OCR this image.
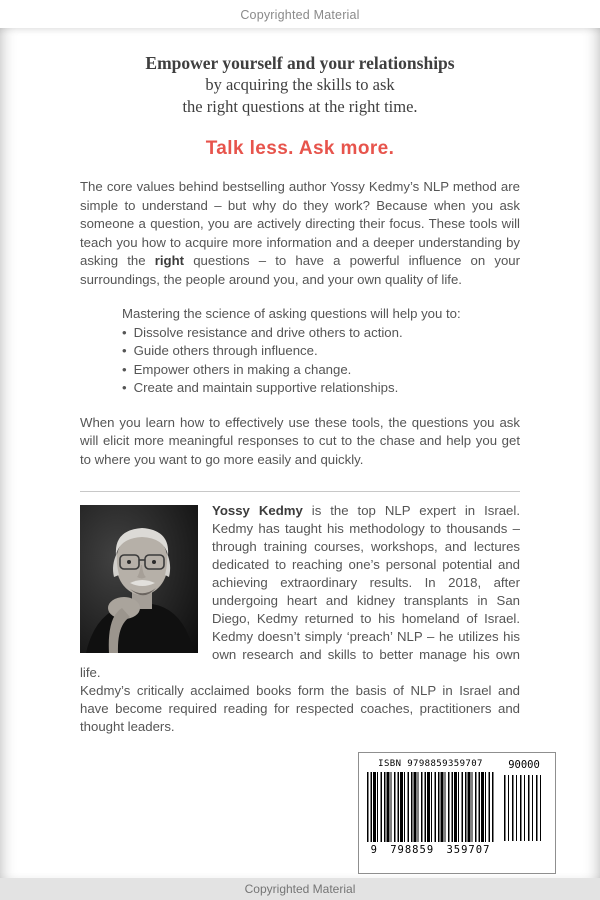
Copyrighted Material
Empower yourself and your relationships
by acquiring the skills to ask
the right questions at the right time.
Talk less. Ask more.

The core values behind bestselling author Yossy Kedmy’s NLP method are simple to understand – but why do they work? Because when you ask someone a question, you are actively directing their focus. These tools will teach you how to acquire more information and a deeper understanding by asking the right questions – to have a powerful influence on your surroundings, the people around you, and your own quality of life.

Mastering the science of asking questions will help you to:
• Dissolve resistance and drive others to action.
• Guide others through influence.
• Empower others in making a change.
• Create and maintain supportive relationships.

When you learn how to effectively use these tools, the questions you ask will elicit more meaningful responses to cut to the chase and help you get to where you want to go more easily and quickly.

Yossy Kedmy is the top NLP expert in Israel. Kedmy has taught his methodology to thousands – through training courses, workshops, and lectures dedicated to reaching one’s personal potential and achieving extraordinary results. In 2018, after undergoing heart and kidney transplants in San Diego, Kedmy returned to his homeland of Israel. Kedmy doesn’t simply ‘preach’ NLP – he utilizes his own research and skills to better manage his own life.

Kedmy’s critically acclaimed books form the basis of NLP in Israel and have become required reading for respected coaches, practitioners and thought leaders.

ISBN 9798859359707
9 798859 359707
90000
Copyrighted Material
